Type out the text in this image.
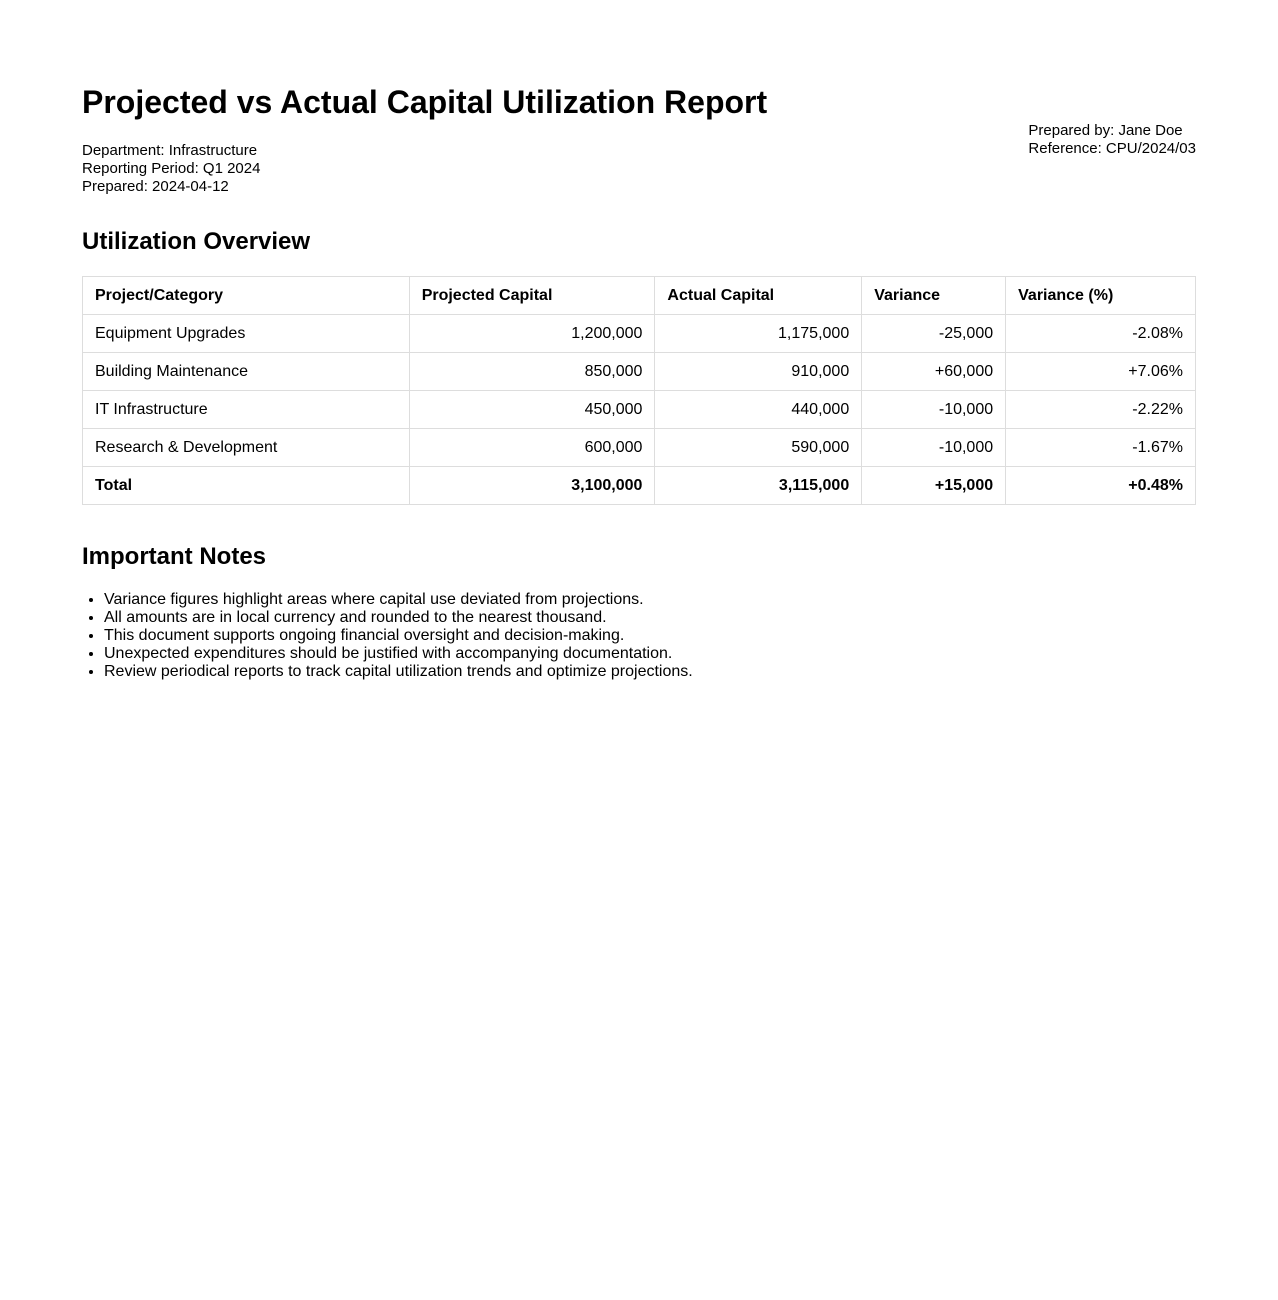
Projected vs Actual Capital Utilization Report
Department: Infrastructure
Reporting Period: Q1 2024
Prepared: 2024-04-12
Prepared by: Jane Doe
Reference: CPU/2024/03
Utilization Overview
Project/Category	Projected Capital	Actual Capital	Variance	Variance (%)
Equipment Upgrades	1,200,000	1,175,000	-25,000	-2.08%
Building Maintenance	850,000	910,000	+60,000	+7.06%
IT Infrastructure	450,000	440,000	-10,000	-2.22%
Research & Development	600,000	590,000	-10,000	-1.67%
Total	3,100,000	3,115,000	+15,000	+0.48%
Important Notes
• Variance figures highlight areas where capital use deviated from projections.
• All amounts are in local currency and rounded to the nearest thousand.
• This document supports ongoing financial oversight and decision-making.
• Unexpected expenditures should be justified with accompanying documentation.
• Review periodical reports to track capital utilization trends and optimize projections.
